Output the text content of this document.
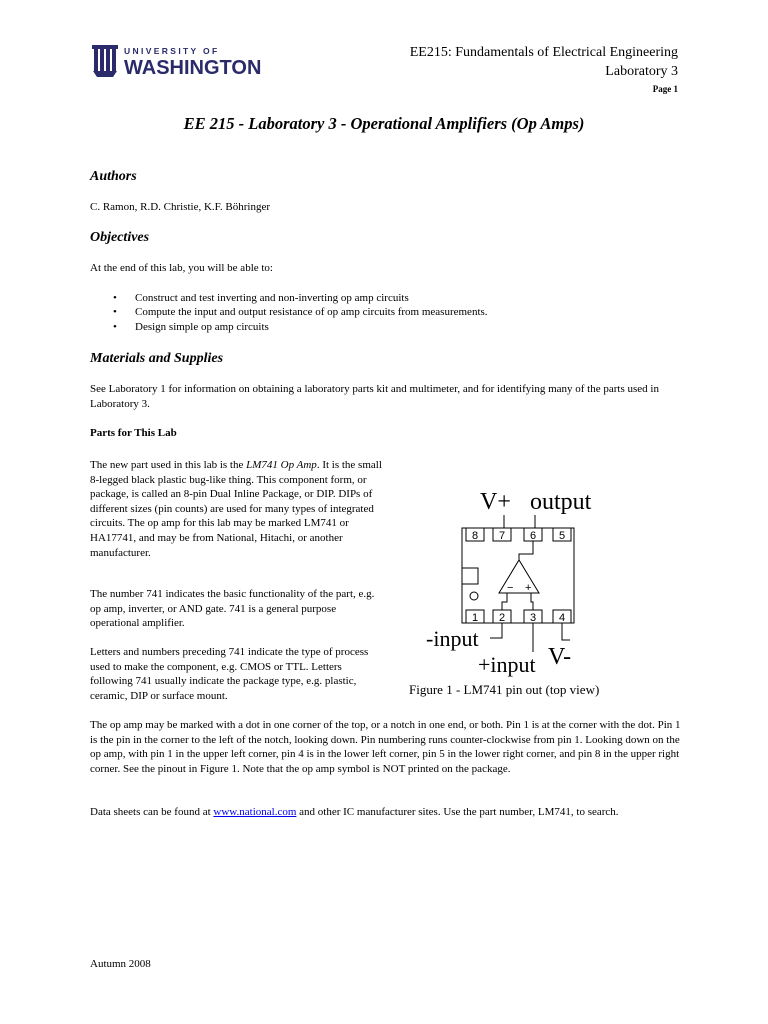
U N I V E R S I T Y   O F
WASHINGTON
EE215: Fundamentals of Electrical Engineering
Laboratory 3
Page 1
EE 215 - Laboratory 3 - Operational Amplifiers (Op Amps)
Authors
C. Ramon, R.D. Christie, K.F. Böhringer
Objectives
At the end of this lab, you will be able to:
• Construct and test inverting and non-inverting op amp circuits
• Compute the input and output resistance of op amp circuits from measurements.
• Design simple op amp circuits
Materials and Supplies
See Laboratory 1 for information on obtaining a laboratory parts kit and multimeter, and for identifying many of the parts used in Laboratory 3.
Parts for This Lab
The new part used in this lab is the LM741 Op Amp. It is the small 8-legged black plastic bug-like thing. This component form, or package, is called an 8-pin Dual Inline Package, or DIP. DIPs of different sizes (pin counts) are used for many types of integrated circuits. The op amp for this lab may be marked LM741 or HA17741, and may be from National, Hitachi, or another manufacturer.
The number 741 indicates the basic functionality of the part, e.g. op amp, inverter, or AND gate. 741 is a general purpose operational amplifier.
Letters and numbers preceding 741 indicate the type of process used to make the component, e.g. CMOS or TTL. Letters following 741 usually indicate the package type, e.g. plastic, ceramic, DIP or surface mount.
V+ output
8 7 6 5
1 2 3 4
− +
-input
+input V-
Figure 1 - LM741 pin out (top view)
The op amp may be marked with a dot in one corner of the top, or a notch in one end, or both. Pin 1 is at the corner with the dot. Pin 1 is the pin in the corner to the left of the notch, looking down. Pin numbering runs counter-clockwise from pin 1. Looking down on the op amp, with pin 1 in the upper left corner, pin 4 is in the lower left corner, pin 5 in the lower right corner, and pin 8 in the upper right corner. See the pinout in Figure 1. Note that the op amp symbol is NOT printed on the package.
Data sheets can be found at www.national.com and other IC manufacturer sites. Use the part number, LM741, to search.
Autumn 2008
